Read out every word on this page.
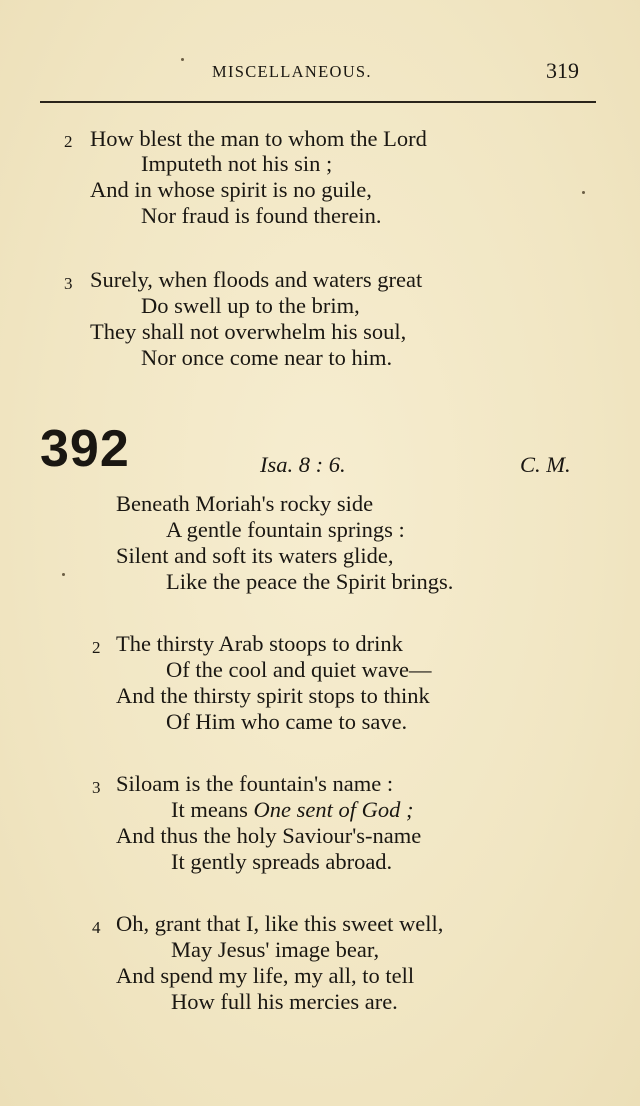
MISCELLANEOUS.	319
2 How blest the man to whom the Lord
Imputeth not his sin ;
And in whose spirit is no guile,
Nor fraud is found therein.
3 Surely, when floods and waters great
Do swell up to the brim,
They shall not overwhelm his soul,
Nor once come near to him.
392	Isa. 8 : 6.	C. M.
Beneath Moriah's rocky side
A gentle fountain springs :
Silent and soft its waters glide,
Like the peace the Spirit brings.
2 The thirsty Arab stoops to drink
Of the cool and quiet wave—
And the thirsty spirit stops to think
Of Him who came to save.
3 Siloam is the fountain's name :
It means One sent of God ;
And thus the holy Saviour's-name
It gently spreads abroad.
4 Oh, grant that I, like this sweet well,
May Jesus' image bear,
And spend my life, my all, to tell
How full his mercies are.
